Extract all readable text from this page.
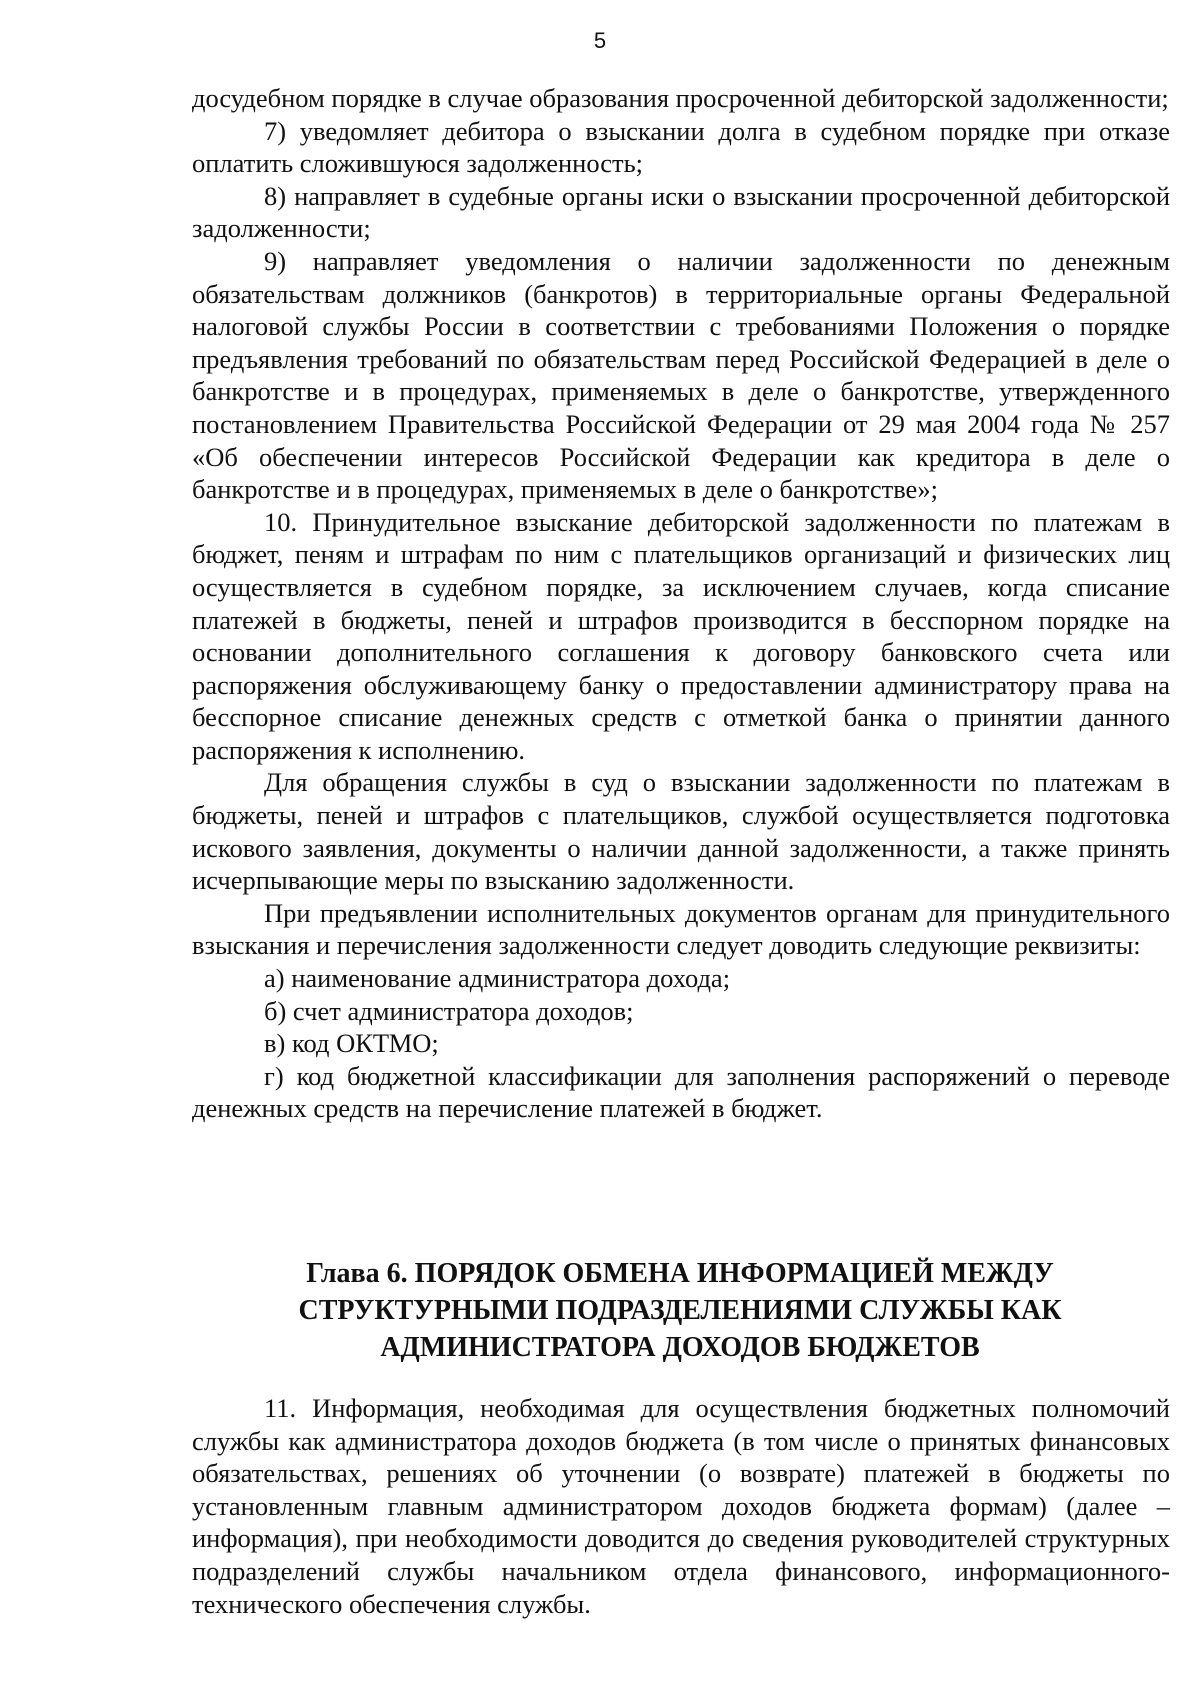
5

досудебном порядке в случае образования просроченной дебиторской задолженности;

7) уведомляет дебитора о взыскании долга в судебном порядке при отказе оплатить сложившуюся задолженность;

8) направляет в судебные органы иски о взыскании просроченной дебиторской задолженности;

9) направляет уведомления о наличии задолженности по денежным обязательствам должников (банкротов) в территориальные органы Федеральной налоговой службы России в соответствии с требованиями Положения о порядке предъявления требований по обязательствам перед Российской Федерацией в деле о банкротстве и в процедурах, применяемых в деле о банкротстве, утвержденного постановлением Правительства Российской Федерации от 29 мая 2004 года № 257 «Об обеспечении интересов Российской Федерации как кредитора в деле о банкротстве и в процедурах, применяемых в деле о банкротстве»;

10. Принудительное взыскание дебиторской задолженности по платежам в бюджет, пеням и штрафам по ним с плательщиков организаций и физических лиц осуществляется в судебном порядке, за исключением случаев, когда списание платежей в бюджеты, пеней и штрафов производится в бесспорном порядке на основании дополнительного соглашения к договору банковского счета или распоряжения обслуживающему банку о предоставлении администратору права на бесспорное списание денежных средств с отметкой банка о принятии данного распоряжения к исполнению.

Для обращения службы в суд о взыскании задолженности по платежам в бюджеты, пеней и штрафов с плательщиков, службой осуществляется подготовка искового заявления, документы о наличии данной задолженности, а также принять исчерпывающие меры по взысканию задолженности.

При предъявлении исполнительных документов органам для принудительного взыскания и перечисления задолженности следует доводить следующие реквизиты:

а) наименование администратора дохода;

б) счет администратора доходов;

в) код ОКТМО;

г) код бюджетной классификации для заполнения распоряжений о переводе денежных средств на перечисление платежей в бюджет.

Глава 6. ПОРЯДОК ОБМЕНА ИНФОРМАЦИЕЙ МЕЖДУ СТРУКТУРНЫМИ ПОДРАЗДЕЛЕНИЯМИ СЛУЖБЫ КАК АДМИНИСТРАТОРА ДОХОДОВ БЮДЖЕТОВ

11. Информация, необходимая для осуществления бюджетных полномочий службы как администратора доходов бюджета (в том числе о принятых финансовых обязательствах, решениях об уточнении (о возврате) платежей в бюджеты по установленным главным администратором доходов бюджета формам) (далее – информация), при необходимости доводится до сведения руководителей структурных подразделений службы начальником отдела финансового, информационного-технического обеспечения службы.
